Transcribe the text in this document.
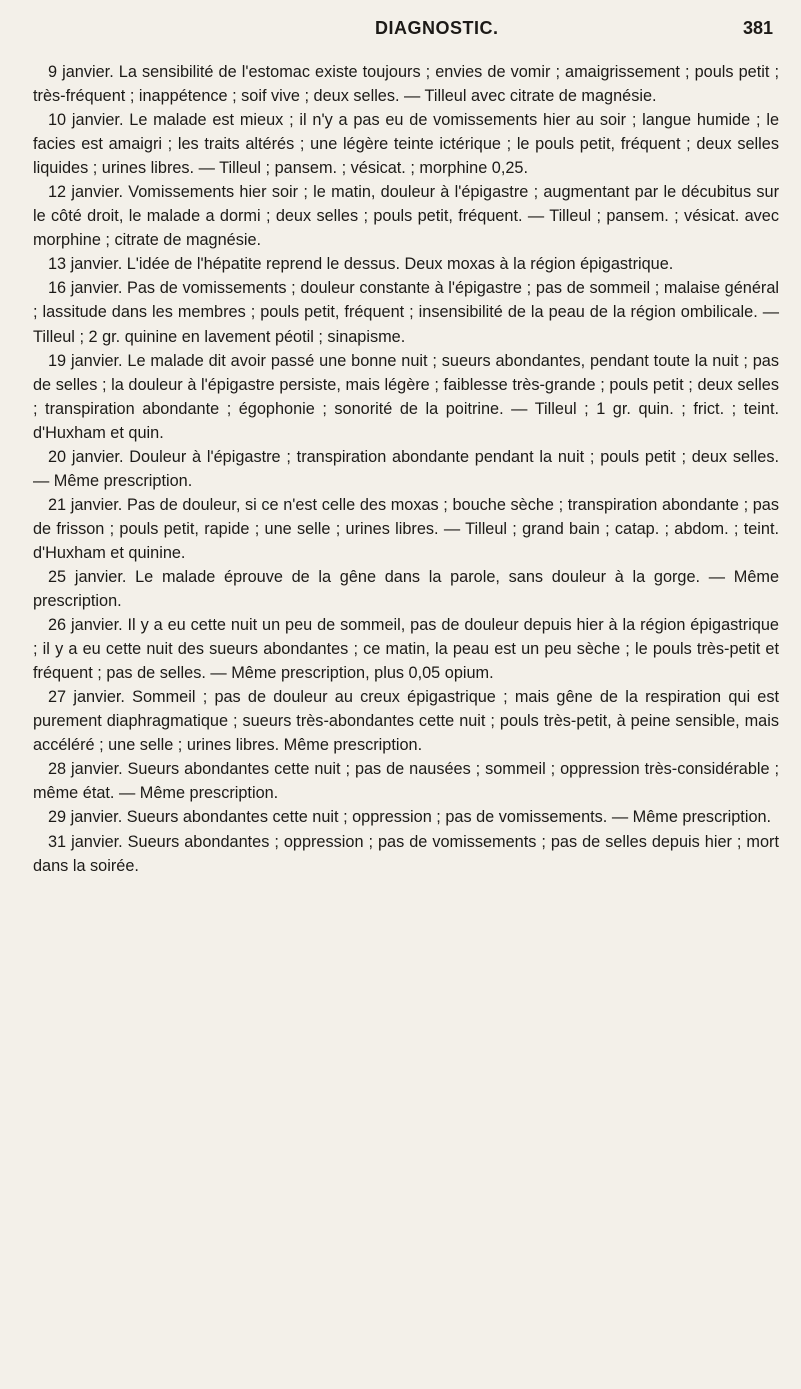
DIAGNOSTIC.	381

9 janvier. La sensibilité de l'estomac existe toujours ; envies de vomir ; amaigrissement ; pouls petit ; très-fréquent ; inappétence ; soif vive ; deux selles. — Tilleul avec citrate de magnésie.

10 janvier. Le malade est mieux ; il n'y a pas eu de vomissements hier au soir ; langue humide ; le facies est amaigri ; les traits altérés ; une légère teinte ictérique ; le pouls petit, fréquent ; deux selles liquides ; urines libres. — Tilleul ; pansem. ; vésicat. ; morphine 0,25.

12 janvier. Vomissements hier soir ; le matin, douleur à l'épigastre ; augmentant par le décubitus sur le côté droit, le malade a dormi ; deux selles ; pouls petit, fréquent. — Tilleul ; pansem. ; vésicat. avec morphine ; citrate de magnésie.

13 janvier. L'idée de l'hépatite reprend le dessus. Deux moxas à la région épigastrique.

16 janvier. Pas de vomissements ; douleur constante à l'épigastre ; pas de sommeil ; malaise général ; lassitude dans les membres ; pouls petit, fréquent ; insensibilité de la peau de la région ombilicale. — Tilleul ; 2 gr. quinine en lavement péotil ; sinapisme.

19 janvier. Le malade dit avoir passé une bonne nuit ; sueurs abondantes, pendant toute la nuit ; pas de selles ; la douleur à l'épigastre persiste, mais légère ; faiblesse très-grande ; pouls petit ; deux selles ; transpiration abondante ; égophonie ; sonorité de la poitrine. — Tilleul ; 1 gr. quin. ; frict. ; teint. d'Huxham et quin.

20 janvier. Douleur à l'épigastre ; transpiration abondante pendant la nuit ; pouls petit ; deux selles. — Même prescription.

21 janvier. Pas de douleur, si ce n'est celle des moxas ; bouche sèche ; transpiration abondante ; pas de frisson ; pouls petit, rapide ; une selle ; urines libres. — Tilleul ; grand bain ; catap. ; abdom. ; teint. d'Huxham et quinine.

25 janvier. Le malade éprouve de la gêne dans la parole, sans douleur à la gorge. — Même prescription.

26 janvier. Il y a eu cette nuit un peu de sommeil, pas de douleur depuis hier à la région épigastrique ; il y a eu cette nuit des sueurs abondantes ; ce matin, la peau est un peu sèche ; le pouls très-petit et fréquent ; pas de selles. — Même prescription, plus 0,05 opium.

27 janvier. Sommeil ; pas de douleur au creux épigastrique ; mais gêne de la respiration qui est purement diaphragmatique ; sueurs très-abondantes cette nuit ; pouls très-petit, à peine sensible, mais accéléré ; une selle ; urines libres. Même prescription.

28 janvier. Sueurs abondantes cette nuit ; pas de nausées ; sommeil ; oppression très-considérable ; même état. — Même prescription.

29 janvier. Sueurs abondantes cette nuit ; oppression ; pas de vomissements. — Même prescription.

31 janvier. Sueurs abondantes ; oppression ; pas de vomissements ; pas de selles depuis hier ; mort dans la soirée.
